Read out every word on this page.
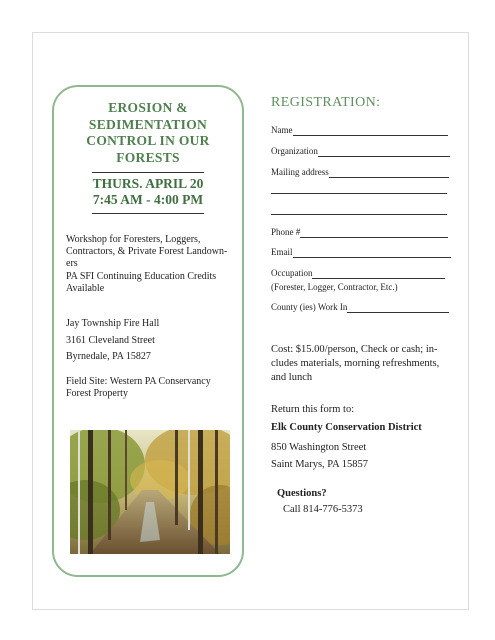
EROSION &
SEDIMENTATION
CONTROL IN OUR
FORESTS
THURS. APRIL 20
7:45 AM - 4:00 PM
Workshop for Foresters, Loggers,
Contractors, & Private Forest Landown-
ers
PA SFI Continuing Education Credits
Available
Jay Township Fire Hall
3161 Cleveland Street
Byrnedale, PA 15827
Field Site: Western PA Conservancy
Forest Property
REGISTRATION:
Name
Organization
Mailing address
Phone #
Email
Occupation
(Forester, Logger, Contractor, Etc.)
County (ies) Work In
Cost: $15.00/person, Check or cash; in-
cludes materials, morning refreshments,
and lunch
Return this form to:
Elk County Conservation District
850 Washington Street
Saint Marys, PA 15857
Questions?
Call 814-776-5373
